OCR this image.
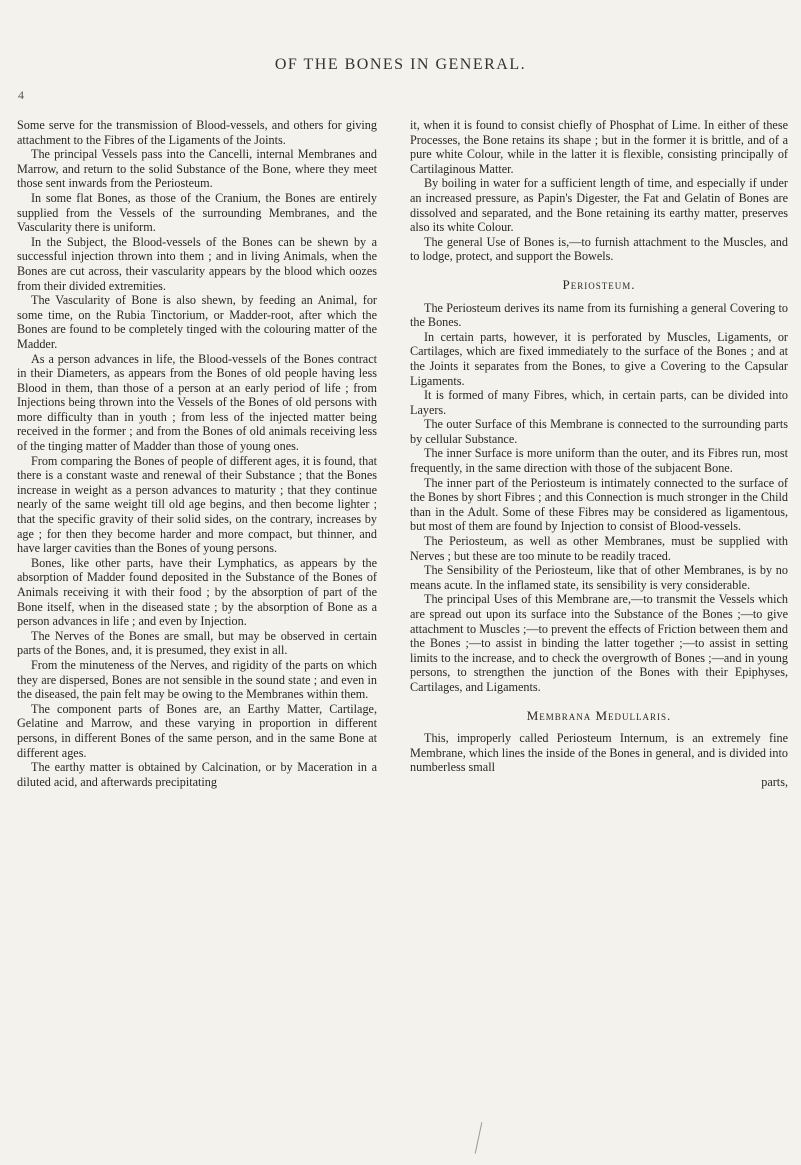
4
OF THE BONES IN GENERAL.

Some serve for the transmission of Blood-vessels, and others for giving attachment to the Fibres of the Ligaments of the Joints.

The principal Vessels pass into the Cancelli, internal Membranes and Marrow, and return to the solid Substance of the Bone, where they meet those sent inwards from the Periosteum.

In some flat Bones, as those of the Cranium, the Bones are entirely supplied from the Vessels of the surrounding Membranes, and the Vascularity there is uniform.

In the Subject, the Blood-vessels of the Bones can be shewn by a successful injection thrown into them ; and in living Animals, when the Bones are cut across, their vascularity appears by the blood which oozes from their divided extremities.

The Vascularity of Bone is also shewn, by feeding an Animal, for some time, on the Rubia Tinctorium, or Madder-root, after which the Bones are found to be completely tinged with the colouring matter of the Madder.

As a person advances in life, the Blood-vessels of the Bones contract in their Diameters, as appears from the Bones of old people having less Blood in them, than those of a person at an early period of life ; from Injections being thrown into the Vessels of the Bones of old persons with more difficulty than in youth ; from less of the injected matter being received in the former ; and from the Bones of old animals receiving less of the tinging matter of Madder than those of young ones.

From comparing the Bones of people of different ages, it is found, that there is a constant waste and renewal of their Substance ; that the Bones increase in weight as a person advances to maturity ; that they continue nearly of the same weight till old age begins, and then become lighter ; that the specific gravity of their solid sides, on the contrary, increases by age ; for then they become harder and more compact, but thinner, and have larger cavities than the Bones of young persons.

Bones, like other parts, have their Lymphatics, as appears by the absorption of Madder found deposited in the Substance of the Bones of Animals receiving it with their food ; by the absorption of part of the Bone itself, when in the diseased state ; by the absorption of Bone as a person advances in life ; and even by Injection.

The Nerves of the Bones are small, but may be observed in certain parts of the Bones, and, it is presumed, they exist in all.

From the minuteness of the Nerves, and rigidity of the parts on which they are dispersed, Bones are not sensible in the sound state ; and even in the diseased, the pain felt may be owing to the Membranes within them.

The component parts of Bones are, an Earthy Matter, Cartilage, Gelatine and Marrow, and these varying in proportion in different persons, in different Bones of the same person, and in the same Bone at different ages.

The earthy matter is obtained by Calcination, or by Maceration in a diluted acid, and afterwards precipitating

it, when it is found to consist chiefly of Phosphat of Lime. In either of these Processes, the Bone retains its shape ; but in the former it is brittle, and of a pure white Colour, while in the latter it is flexible, consisting principally of Cartilaginous Matter.

By boiling in water for a sufficient length of time, and especially if under an increased pressure, as Papin's Digester, the Fat and Gelatin of Bones are dissolved and separated, and the Bone retaining its earthy matter, preserves also its white Colour.

The general Use of Bones is,—to furnish attachment to the Muscles, and to lodge, protect, and support the Bowels.

Periosteum.

The Periosteum derives its name from its furnishing a general Covering to the Bones.

In certain parts, however, it is perforated by Muscles, Ligaments, or Cartilages, which are fixed immediately to the surface of the Bones ; and at the Joints it separates from the Bones, to give a Covering to the Capsular Ligaments.

It is formed of many Fibres, which, in certain parts, can be divided into Layers.

The outer Surface of this Membrane is connected to the surrounding parts by cellular Substance.

The inner Surface is more uniform than the outer, and its Fibres run, most frequently, in the same direction with those of the subjacent Bone.

The inner part of the Periosteum is intimately connected to the surface of the Bones by short Fibres ; and this Connection is much stronger in the Child than in the Adult. Some of these Fibres may be considered as ligamentous, but most of them are found by Injection to consist of Blood-vessels.

The Periosteum, as well as other Membranes, must be supplied with Nerves ; but these are too minute to be readily traced.

The Sensibility of the Periosteum, like that of other Membranes, is by no means acute. In the inflamed state, its sensibility is very considerable.

The principal Uses of this Membrane are,—to transmit the Vessels which are spread out upon its surface into the Substance of the Bones ;—to give attachment to Muscles ;—to prevent the effects of Friction between them and the Bones ;—to assist in binding the latter together ;—to assist in setting limits to the increase, and to check the overgrowth of Bones ;—and in young persons, to strengthen the junction of the Bones with their Epiphyses, Cartilages, and Ligaments.

Membrana Medullaris.

This, improperly called Periosteum Internum, is an extremely fine Membrane, which lines the inside of the Bones in general, and is divided into numberless small

parts,
